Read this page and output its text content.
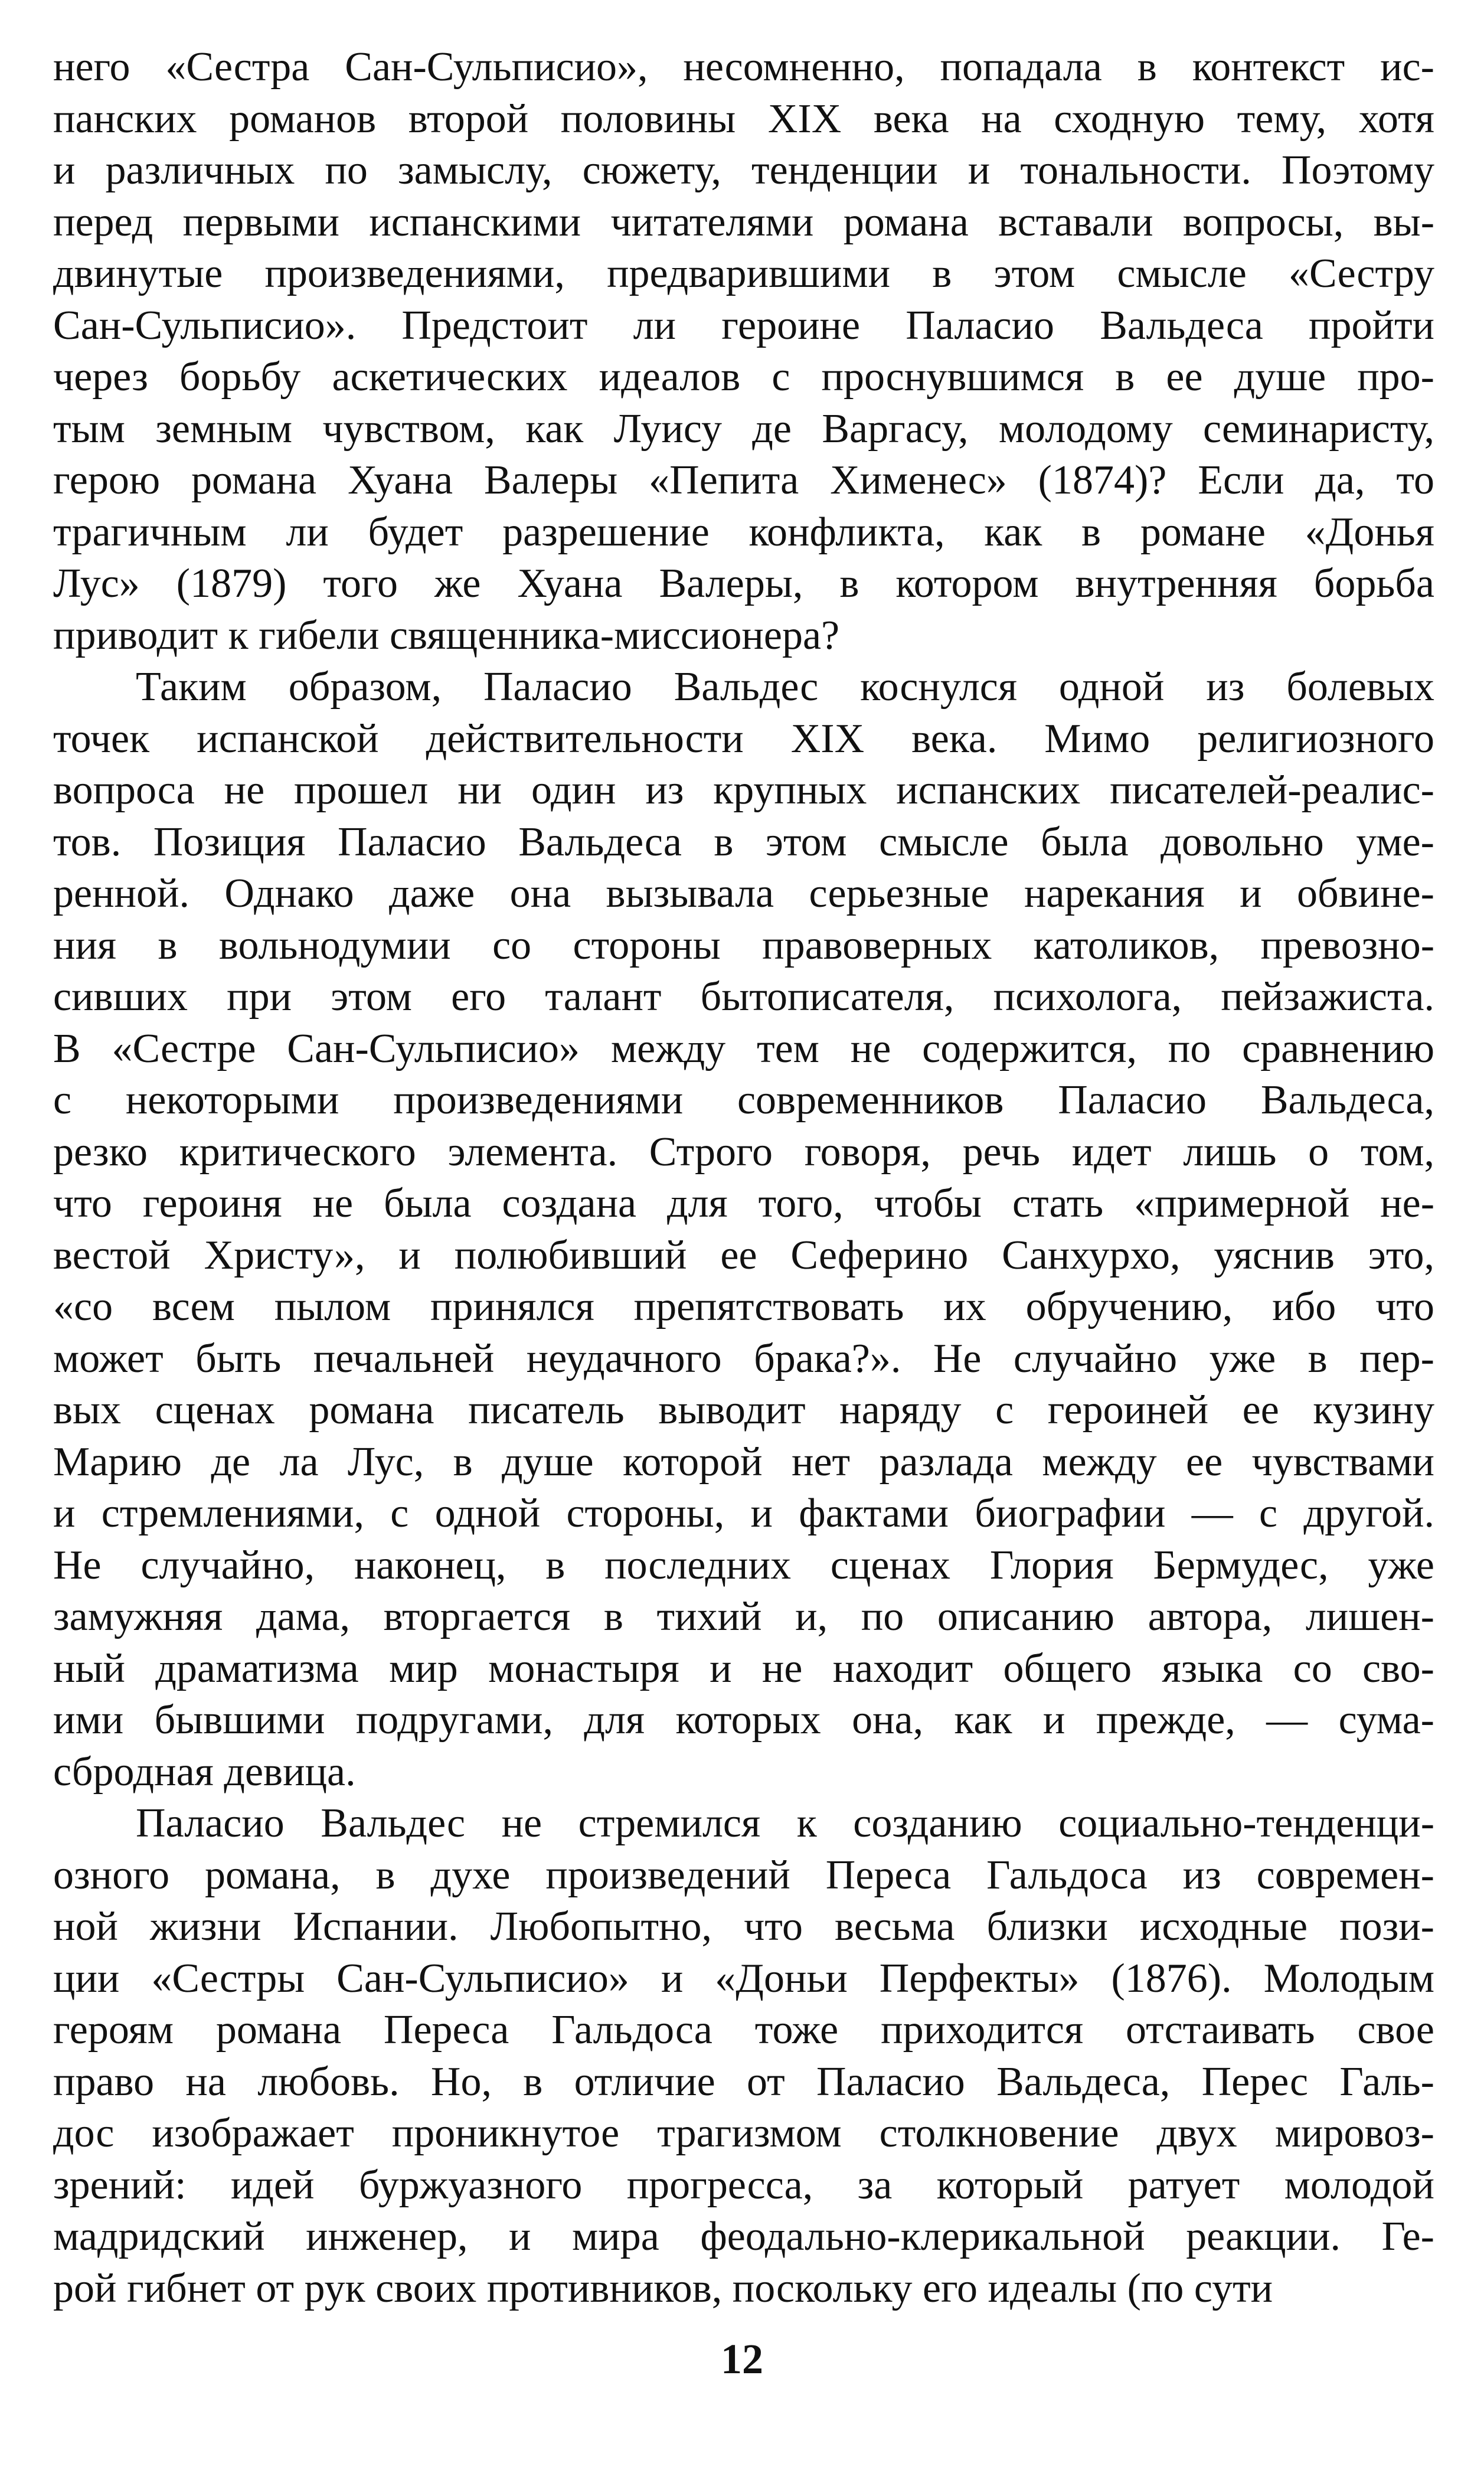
него «Сестра Сан-Сульписио», несомненно, попадала в контекст ис-
панских романов второй половины XIX века на сходную тему, хотя
и различных по замыслу, сюжету, тенденции и тональности. Поэтому
перед первыми испанскими читателями романа вставали вопросы, вы-
двинутые произведениями, предварившими в этом смысле «Сестру
Сан-Сульписио». Предстоит ли героине Паласио Вальдеса пройти
через борьбу аскетических идеалов с проснувшимся в ее душе про-
тым земным чувством, как Луису де Варгасу, молодому семинаристу,
герою романа Хуана Валеры «Пепита Хименес» (1874)? Если да, то
трагичным ли будет разрешение конфликта, как в романе «Донья
Лус» (1879) того же Хуана Валеры, в котором внутренняя борьба
приводит к гибели священника-миссионера?
Таким образом, Паласио Вальдес коснулся одной из болевых
точек испанской действительности XIX века. Мимо религиозного
вопроса не прошел ни один из крупных испанских писателей-реалис-
тов. Позиция Паласио Вальдеса в этом смысле была довольно уме-
ренной. Однако даже она вызывала серьезные нарекания и обвине-
ния в вольнодумии со стороны правоверных католиков, превозно-
сивших при этом его талант бытописателя, психолога, пейзажиста.
В «Сестре Сан-Сульписио» между тем не содержится, по сравнению
с некоторыми произведениями современников Паласио Вальдеса,
резко критического элемента. Строго говоря, речь идет лишь о том,
что героиня не была создана для того, чтобы стать «примерной не-
вестой Христу», и полюбивший ее Сеферино Санхурхо, уяснив это,
«со всем пылом принялся препятствовать их обручению, ибо что
может быть печальней неудачного брака?». Не случайно уже в пер-
вых сценах романа писатель выводит наряду с героиней ее кузину
Марию де ла Лус, в душе которой нет разлада между ее чувствами
и стремлениями, с одной стороны, и фактами биографии — с другой.
Не случайно, наконец, в последних сценах Глория Бермудес, уже
замужняя дама, вторгается в тихий и, по описанию автора, лишен-
ный драматизма мир монастыря и не находит общего языка со сво-
ими бывшими подругами, для которых она, как и прежде, — сума-
сбродная девица.
Паласио Вальдес не стремился к созданию социально-тенденци-
озного романа, в духе произведений Переса Гальдоса из современ-
ной жизни Испании. Любопытно, что весьма близки исходные пози-
ции «Сестры Сан-Сульписио» и «Доньи Перфекты» (1876). Молодым
героям романа Переса Гальдоса тоже приходится отстаивать свое
право на любовь. Но, в отличие от Паласио Вальдеса, Перес Галь-
дос изображает проникнутое трагизмом столкновение двух мировоз-
зрений: идей буржуазного прогресса, за который ратует молодой
мадридский инженер, и мира феодально-клерикальной реакции. Ге-
рой гибнет от рук своих противников, поскольку его идеалы (по сути
12
